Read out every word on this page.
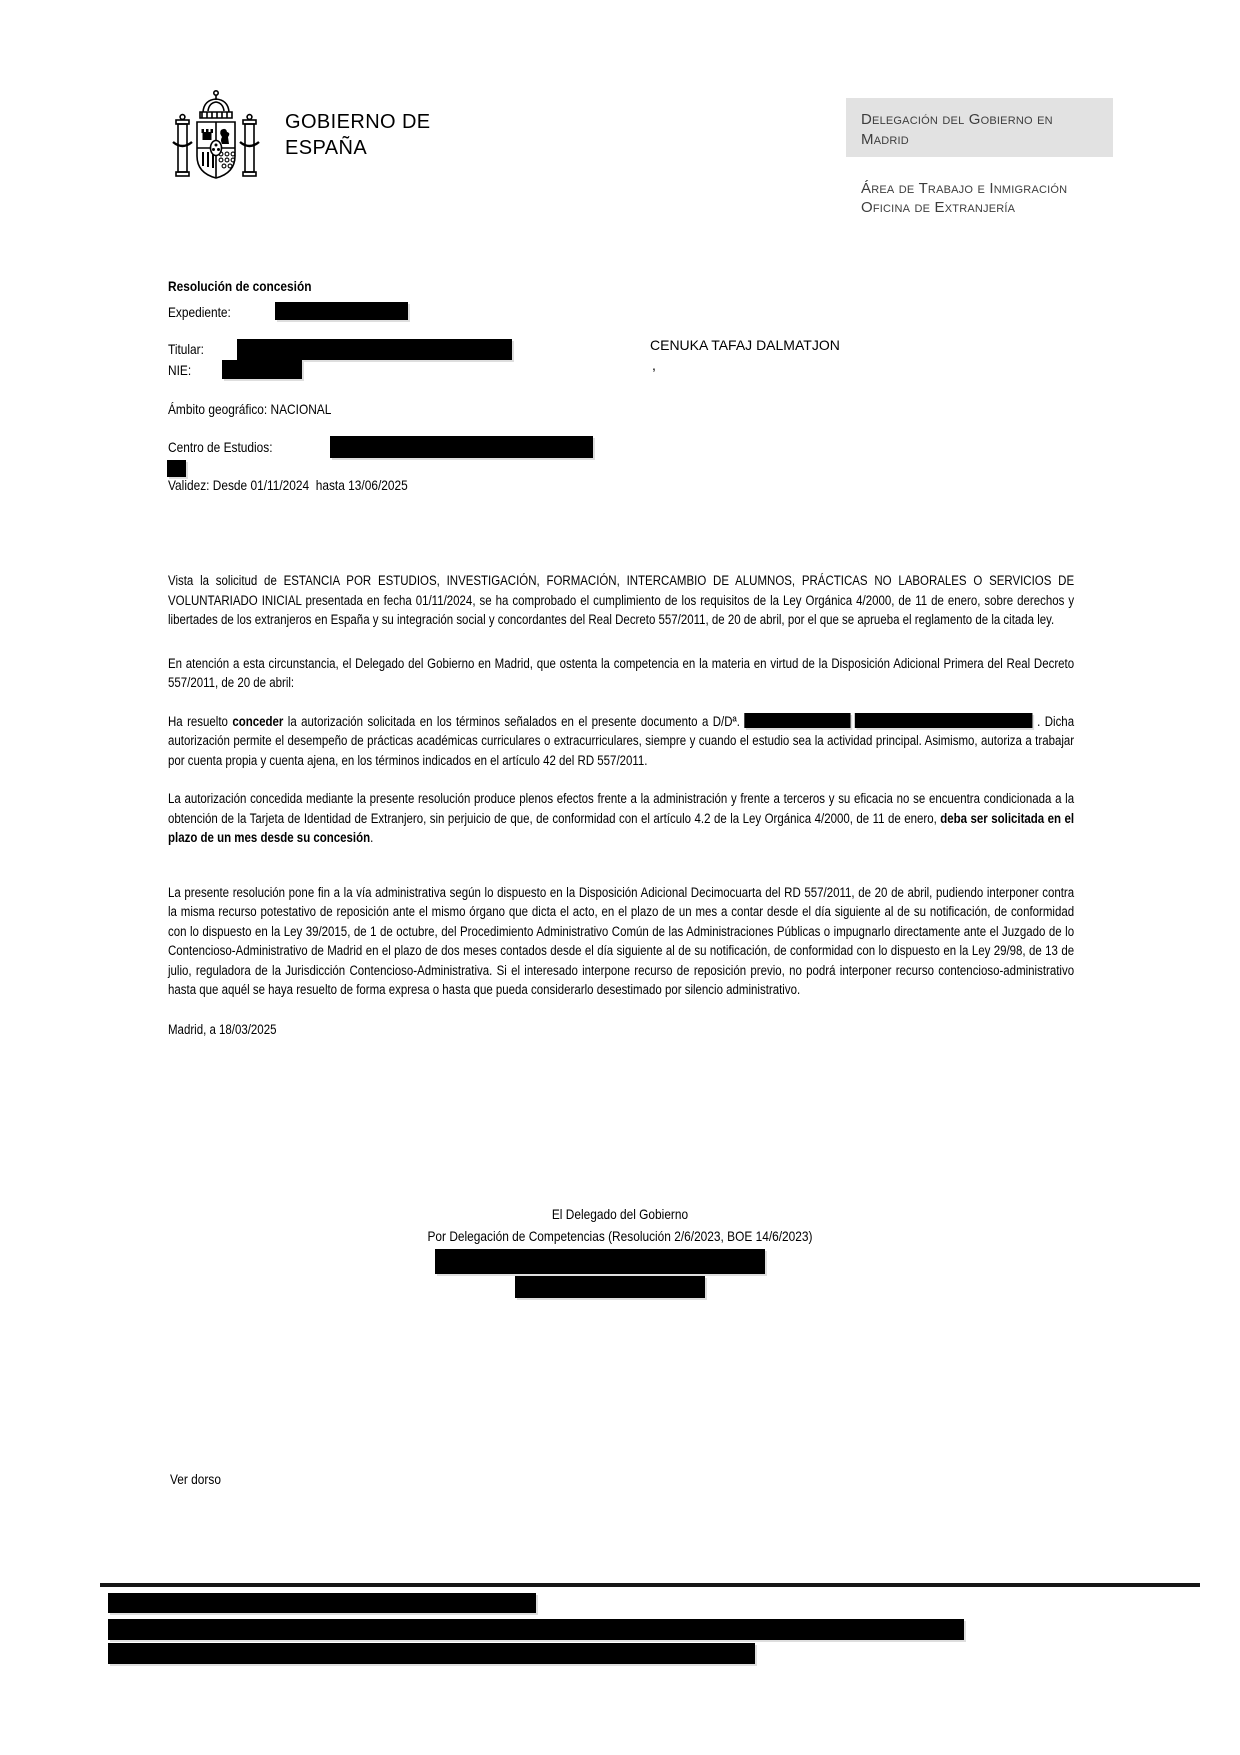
GOBIERNO DE
ESPAÑA
Delegación del Gobierno en Madrid
Área de Trabajo e Inmigración
Oficina de Extranjería
Resolución de concesión
Expediente:
Titular:	CENUKA TAFAJ DALMATJON
,
NIE:
Ámbito geográfico: NACIONAL
Centro de Estudios:
Validez: Desde 01/11/2024  hasta 13/06/2025

Vista la solicitud de ESTANCIA POR ESTUDIOS, INVESTIGACIÓN, FORMACIÓN, INTERCAMBIO DE ALUMNOS, PRÁCTICAS NO LABORALES O SERVICIOS DE VOLUNTARIADO INICIAL presentada en fecha 01/11/2024, se ha comprobado el cumplimiento de los requisitos de la Ley Orgánica 4/2000, de 11 de enero, sobre derechos y libertades de los extranjeros en España y su integración social y concordantes del Real Decreto 557/2011, de 20 de abril, por el que se aprueba el reglamento de la citada ley.

En atención a esta circunstancia, el Delegado del Gobierno en Madrid, que ostenta la competencia en la materia en virtud de la Disposición Adicional Primera del Real Decreto 557/2011, de 20 de abril:

Ha resuelto conceder la autorización solicitada en los términos señalados en el presente documento a D/Dª.	. Dicha autorización permite el desempeño de prácticas académicas curriculares o extracurriculares, siempre y cuando el estudio sea la actividad principal. Asimismo, autoriza a trabajar por cuenta propia y cuenta ajena, en los términos indicados en el artículo 42 del RD 557/2011.

La autorización concedida mediante la presente resolución produce plenos efectos frente a la administración y frente a terceros y su eficacia no se encuentra condicionada a la obtención de la Tarjeta de Identidad de Extranjero, sin perjuicio de que, de conformidad con el artículo 4.2 de la Ley Orgánica 4/2000, de 11 de enero, deba ser solicitada en el plazo de un mes desde su concesión.

La presente resolución pone fin a la vía administrativa según lo dispuesto en la Disposición Adicional Decimocuarta del RD 557/2011, de 20 de abril, pudiendo interponer contra la misma recurso potestativo de reposición ante el mismo órgano que dicta el acto, en el plazo de un mes a contar desde el día siguiente al de su notificación, de conformidad con lo dispuesto en la Ley 39/2015, de 1 de octubre, del Procedimiento Administrativo Común de las Administraciones Públicas o impugnarlo directamente ante el Juzgado de lo Contencioso-Administrativo de Madrid en el plazo de dos meses contados desde el día siguiente al de su notificación, de conformidad con lo dispuesto en la Ley 29/98, de 13 de julio, reguladora de la Jurisdicción Contencioso-Administrativa. Si el interesado interpone recurso de reposición previo, no podrá interponer recurso contencioso-administrativo hasta que aquél se haya resuelto de forma expresa o hasta que pueda considerarlo desestimado por silencio administrativo.

Madrid, a 18/03/2025

El Delegado del Gobierno
Por Delegación de Competencias (Resolución 2/6/2023, BOE 14/6/2023)
Ver dorso
